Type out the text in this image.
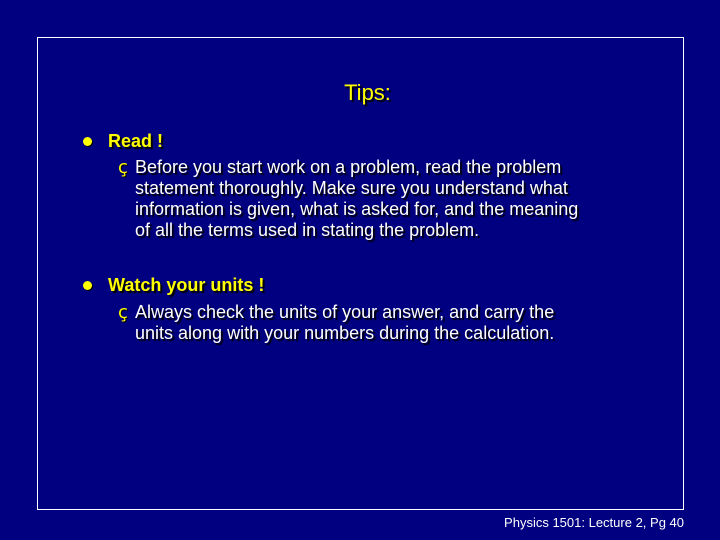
Tips:
Read !
ç Before you start work on a problem, read the problem
statement thoroughly. Make sure you understand what
information is given, what is asked for, and the meaning
of all the terms used in stating the problem.
Watch your units !
ç Always check the units of your answer, and carry the
units along with your numbers during the calculation.
Physics 1501: Lecture 2, Pg 40
